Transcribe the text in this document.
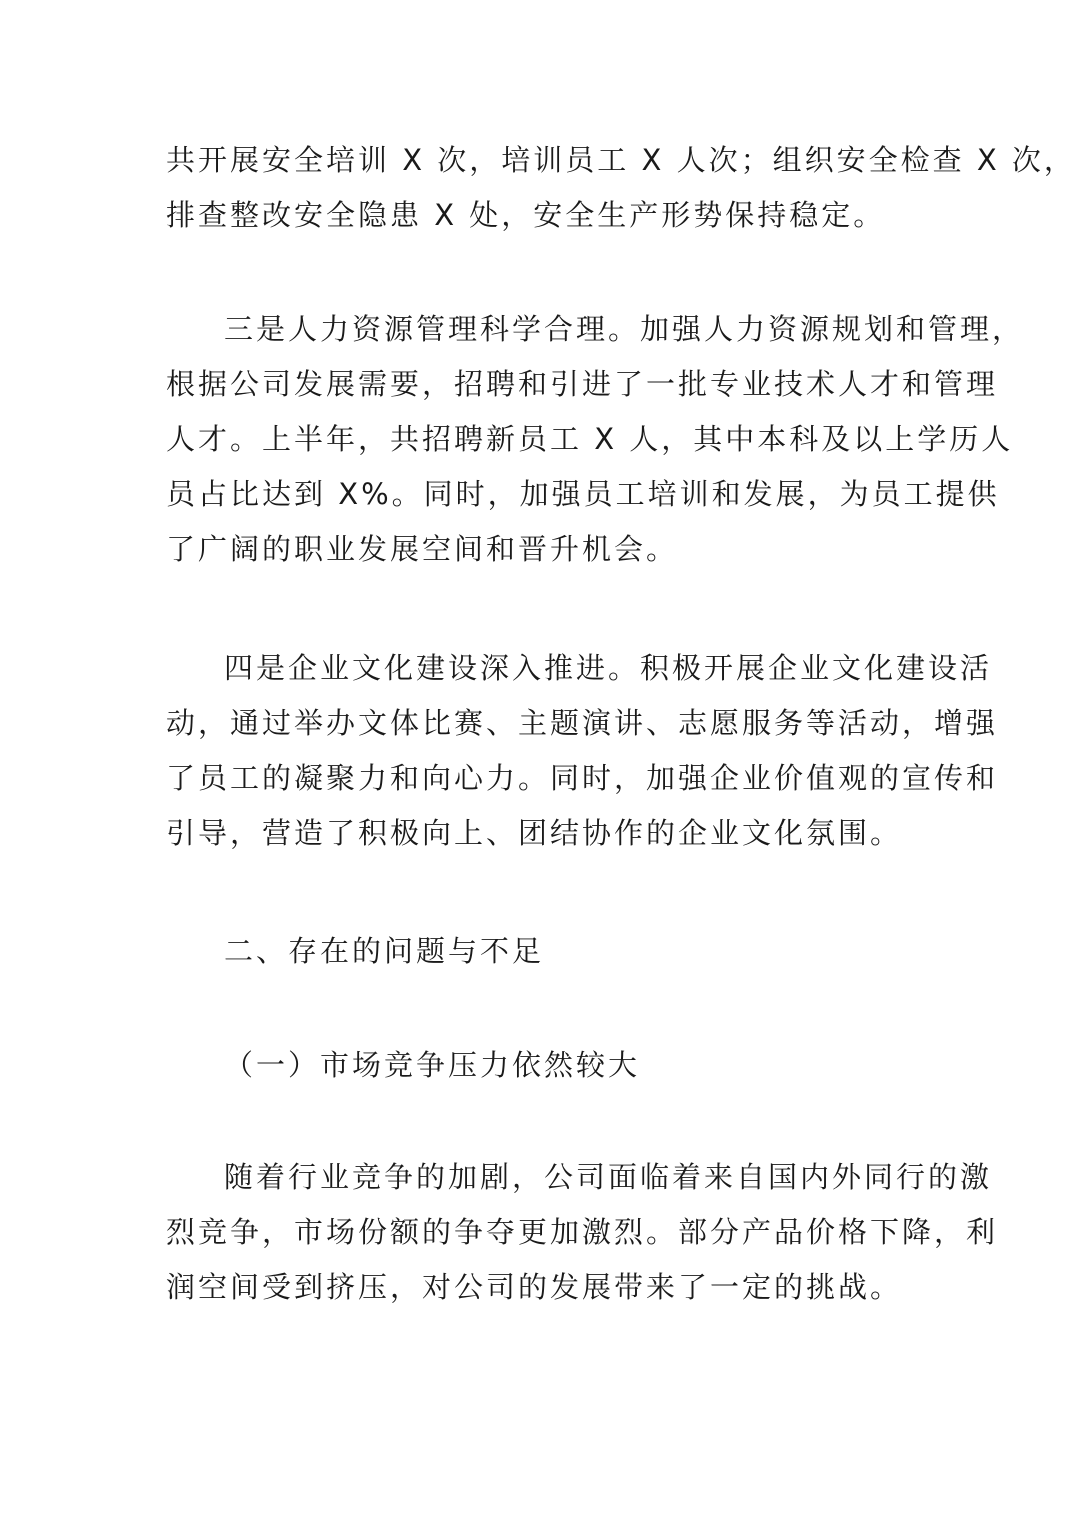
共开展安全培训 X 次，培训员工 X 人次；组织安全检查 X 次，
排查整改安全隐患 X 处，安全生产形势保持稳定。
三是人力资源管理科学合理。加强人力资源规划和管理，
根据公司发展需要，招聘和引进了一批专业技术人才和管理
人才。上半年，共招聘新员工 X 人，其中本科及以上学历人
员占比达到 X%。同时，加强员工培训和发展，为员工提供
了广阔的职业发展空间和晋升机会。
四是企业文化建设深入推进。积极开展企业文化建设活
动，通过举办文体比赛、主题演讲、志愿服务等活动，增强
了员工的凝聚力和向心力。同时，加强企业价值观的宣传和
引导，营造了积极向上、团结协作的企业文化氛围。
二、存在的问题与不足
（一）市场竞争压力依然较大
随着行业竞争的加剧，公司面临着来自国内外同行的激
烈竞争，市场份额的争夺更加激烈。部分产品价格下降，利
润空间受到挤压，对公司的发展带来了一定的挑战。
